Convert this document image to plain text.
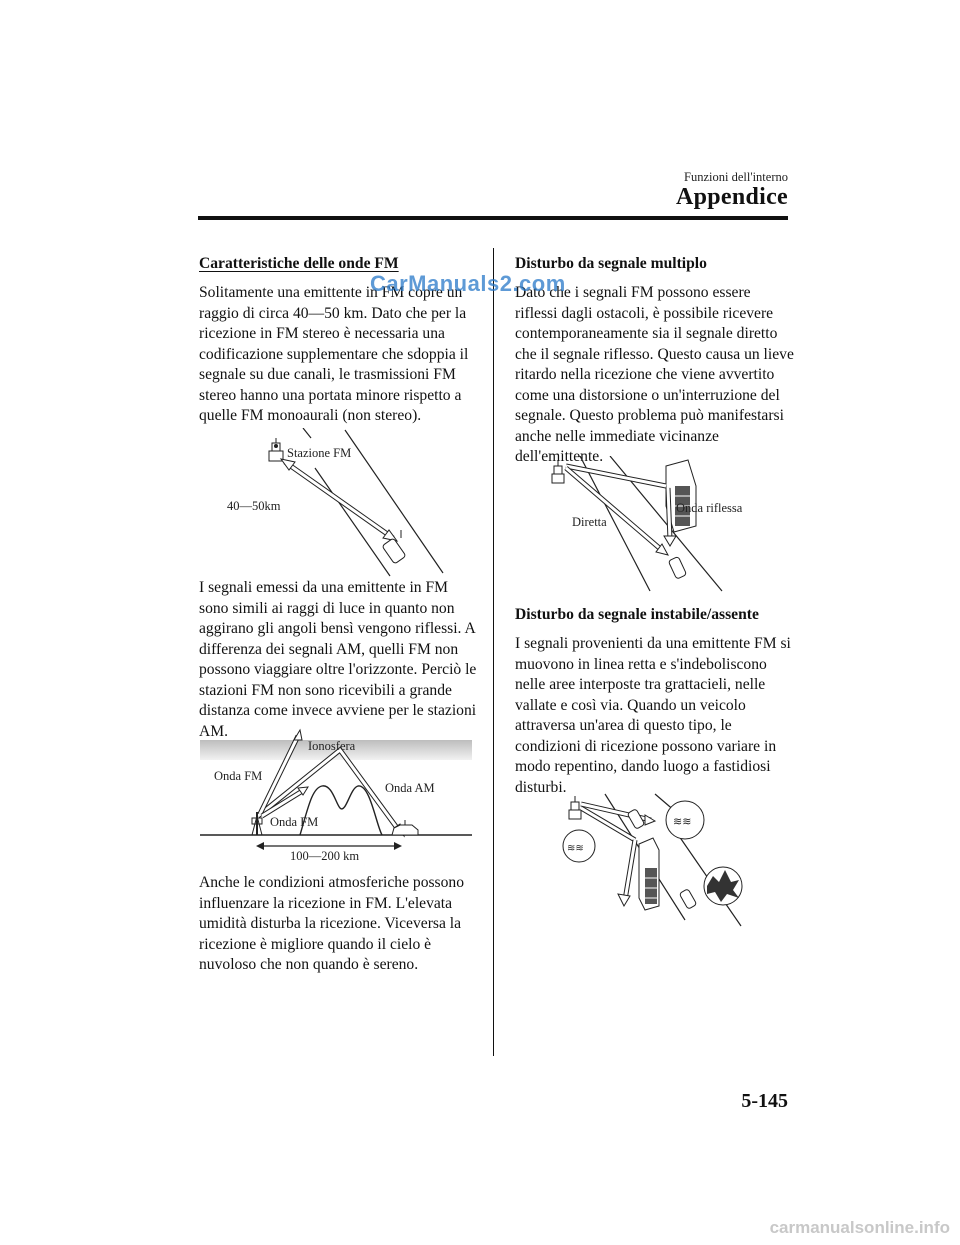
Funzioni dell'interno
Appendice
Caratteristiche delle onde FM

Solitamente una emittente in FM copre un raggio di circa 40―50 km. Dato che per la ricezione in FM stereo è necessaria una codificazione supplementare che sdoppia il segnale su due canali, le trasmissioni FM stereo hanno una portata minore rispetto a quelle FM monoaurali (non stereo).

Stazione FM
40―50km

I segnali emessi da una emittente in FM sono simili ai raggi di luce in quanto non aggirano gli angoli bensì vengono riflessi. A differenza dei segnali AM, quelli FM non possono viaggiare oltre l'orizzonte. Perciò le stazioni FM non sono ricevibili a grande distanza come invece avviene per le stazioni AM.

Ionosfera
Onda FM
Onda AM
Onda FM
100―200 km

Anche le condizioni atmosferiche possono influenzare la ricezione in FM. L'elevata umidità disturba la ricezione. Viceversa la ricezione è migliore quando il cielo è nuvoloso che non quando è sereno.

Disturbo da segnale multiplo

Dato che i segnali FM possono essere riflessi dagli ostacoli, è possibile ricevere contemporaneamente sia il segnale diretto che il segnale riflesso. Questo causa un lieve ritardo nella ricezione che viene avvertito come una distorsione o un'interruzione del segnale. Questo problema può manifestarsi anche nelle immediate vicinanze dell'emittente.

Onda riflessa
Diretta
Disturbo da segnale instabile/assente

I segnali provenienti da una emittente FM si muovono in linea retta e s'indeboliscono nelle aree interposte tra grattacieli, nelle vallate e così via. Quando un veicolo attraversa un'area di questo tipo, le condizioni di ricezione possono variare in modo repentino, dando luogo a fastidiosi disturbi.

≋≋
≋≋
CarManuals2.com
5-145
carmanualsonline.info
